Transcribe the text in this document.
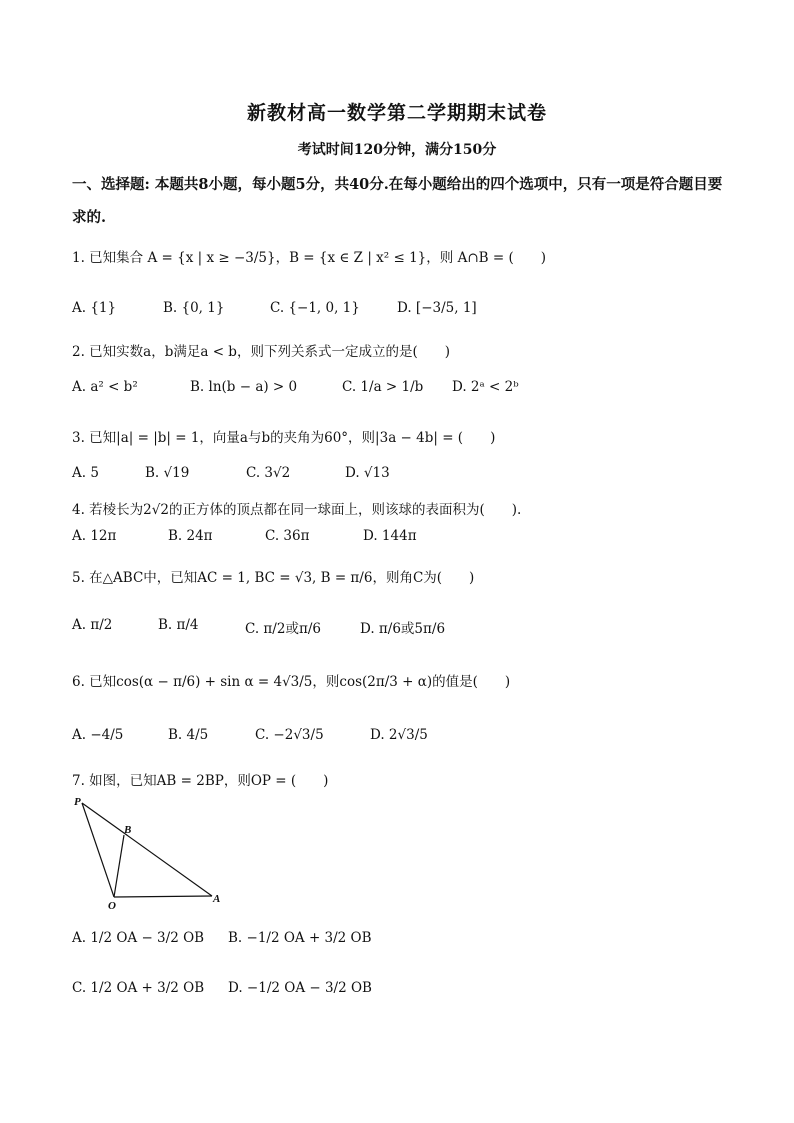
新教材高一数学第二学期期末试卷
考试时间120分钟，满分150分
一、选择题: 本题共8小题，每小题5分，共40分.在每小题给出的四个选项中，只有一项是符合题目要求的.
1. 已知集合 A = {x | x ≥ −3/5}，B = {x ∈ Z | x² ≤ 1}，则 A∩B = (　　)
A. {1}	B. {0, 1}	C. {−1, 0, 1}	D. [−3/5, 1]
2. 已知实数a，b满足a < b，则下列关系式一定成立的是(　　)
A. a² < b²	B. ln(b − a) > 0	C. 1/a > 1/b D. 2ᵃ < 2ᵇ
3. 已知|a| = |b| = 1，向量a与b的夹角为60°，则|3a − 4b| = (　　)
A. 5	B. √19	C. 3√2	D. √13
4. 若棱长为2√2的正方体的顶点都在同一球面上，则该球的表面积为(　　).
A. 12π	B. 24π	C. 36π	D. 144π
5. 在△ABC中，已知AC = 1, BC = √3, B = π/6，则角C为(　　)
A. π/2	B. π/4	C. π/2或π/6	D. π/6或5π/6
6. 已知cos(α − π/6) + sin α = 4√3/5，则cos(2π/3 + α)的值是(　　)
A. −4/5	B. 4/5	C. −2√3/5	D. 2√3/5
7. 如图，已知AB = 2BP，则OP = (　　)
P
B
O
A
A. 1/2 OA − 3/2 OB B. −1/2 OA + 3/2 OB
C. 1/2 OA + 3/2 OB D. −1/2 OA − 3/2 OB
